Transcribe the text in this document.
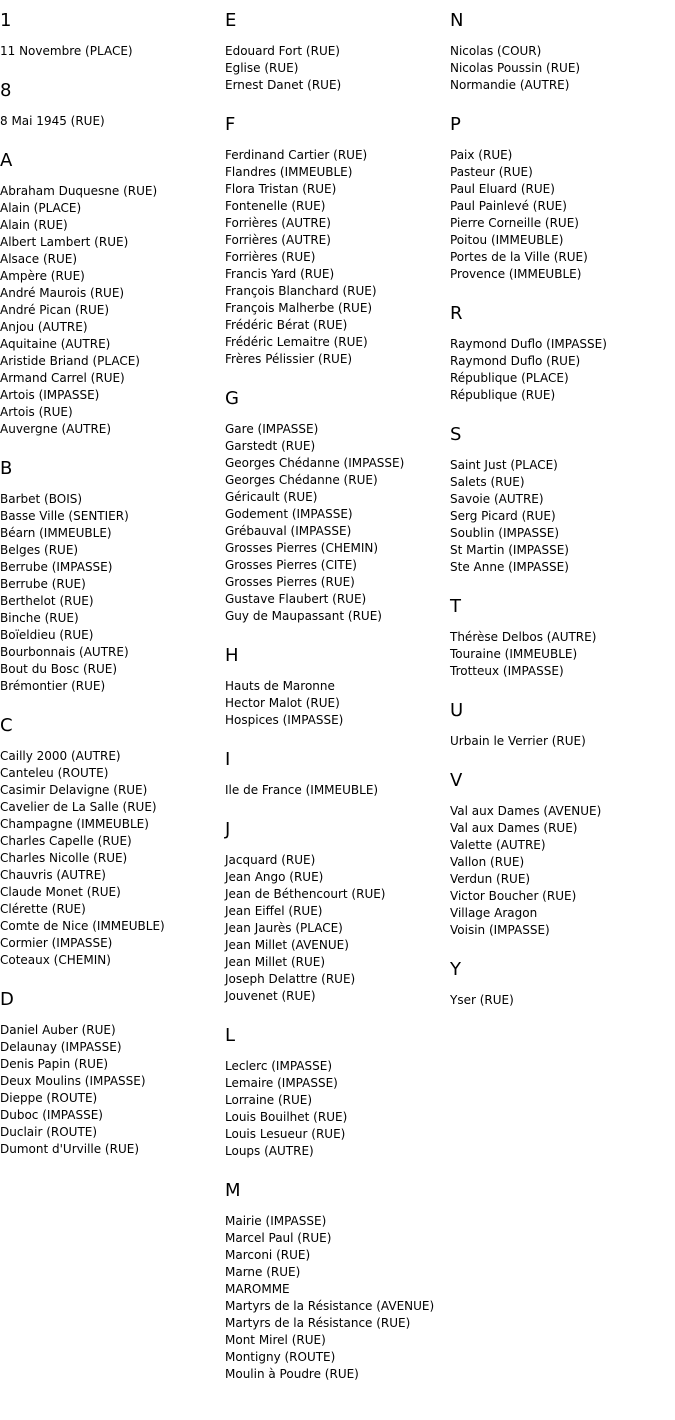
1
11 Novembre (PLACE)
8
8 Mai 1945 (RUE)
A
Abraham Duquesne (RUE)
Alain (PLACE)
Alain (RUE)
Albert Lambert (RUE)
Alsace (RUE)
Ampère (RUE)
André Maurois (RUE)
André Pican (RUE)
Anjou (AUTRE)
Aquitaine (AUTRE)
Aristide Briand (PLACE)
Armand Carrel (RUE)
Artois (IMPASSE)
Artois (RUE)
Auvergne (AUTRE)
B
Barbet (BOIS)
Basse Ville (SENTIER)
Béarn (IMMEUBLE)
Belges (RUE)
Berrube (IMPASSE)
Berrube (RUE)
Berthelot (RUE)
Binche (RUE)
Boïeldieu (RUE)
Bourbonnais (AUTRE)
Bout du Bosc (RUE)
Brémontier (RUE)
C
Cailly 2000 (AUTRE)
Canteleu (ROUTE)
Casimir Delavigne (RUE)
Cavelier de La Salle (RUE)
Champagne (IMMEUBLE)
Charles Capelle (RUE)
Charles Nicolle (RUE)
Chauvris (AUTRE)
Claude Monet (RUE)
Clérette (RUE)
Comte de Nice (IMMEUBLE)
Cormier (IMPASSE)
Coteaux (CHEMIN)
D
Daniel Auber (RUE)
Delaunay (IMPASSE)
Denis Papin (RUE)
Deux Moulins (IMPASSE)
Dieppe (ROUTE)
Duboc (IMPASSE)
Duclair (ROUTE)
Dumont d'Urville (RUE)
E
Edouard Fort (RUE)
Eglise (RUE)
Ernest Danet (RUE)
F
Ferdinand Cartier (RUE)
Flandres (IMMEUBLE)
Flora Tristan (RUE)
Fontenelle (RUE)
Forrières (AUTRE)
Forrières (AUTRE)
Forrières (RUE)
Francis Yard (RUE)
François Blanchard (RUE)
François Malherbe (RUE)
Frédéric Bérat (RUE)
Frédéric Lemaitre (RUE)
Frères Pélissier (RUE)
G
Gare (IMPASSE)
Garstedt (RUE)
Georges Chédanne (IMPASSE)
Georges Chédanne (RUE)
Géricault (RUE)
Godement (IMPASSE)
Grébauval (IMPASSE)
Grosses Pierres (CHEMIN)
Grosses Pierres (CITE)
Grosses Pierres (RUE)
Gustave Flaubert (RUE)
Guy de Maupassant (RUE)
H
Hauts de Maronne
Hector Malot (RUE)
Hospices (IMPASSE)
I
Ile de France (IMMEUBLE)
J
Jacquard (RUE)
Jean Ango (RUE)
Jean de Béthencourt (RUE)
Jean Eiffel (RUE)
Jean Jaurès (PLACE)
Jean Millet (AVENUE)
Jean Millet (RUE)
Joseph Delattre (RUE)
Jouvenet (RUE)
L
Leclerc (IMPASSE)
Lemaire (IMPASSE)
Lorraine (RUE)
Louis Bouilhet (RUE)
Louis Lesueur (RUE)
Loups (AUTRE)
M
Mairie (IMPASSE)
Marcel Paul (RUE)
Marconi (RUE)
Marne (RUE)
MAROMME
Martyrs de la Résistance (AVENUE)
Martyrs de la Résistance (RUE)
Mont Mirel (RUE)
Montigny (ROUTE)
Moulin à Poudre (RUE)
N
Nicolas (COUR)
Nicolas Poussin (RUE)
Normandie (AUTRE)
P
Paix (RUE)
Pasteur (RUE)
Paul Eluard (RUE)
Paul Painlevé (RUE)
Pierre Corneille (RUE)
Poitou (IMMEUBLE)
Portes de la Ville (RUE)
Provence (IMMEUBLE)
R
Raymond Duflo (IMPASSE)
Raymond Duflo (RUE)
République (PLACE)
République (RUE)
S
Saint Just (PLACE)
Salets (RUE)
Savoie (AUTRE)
Serg Picard (RUE)
Soublin (IMPASSE)
St Martin (IMPASSE)
Ste Anne (IMPASSE)
T
Thérèse Delbos (AUTRE)
Touraine (IMMEUBLE)
Trotteux (IMPASSE)
U
Urbain le Verrier (RUE)
V
Val aux Dames (AVENUE)
Val aux Dames (RUE)
Valette (AUTRE)
Vallon (RUE)
Verdun (RUE)
Victor Boucher (RUE)
Village Aragon
Voisin (IMPASSE)
Y
Yser (RUE)
